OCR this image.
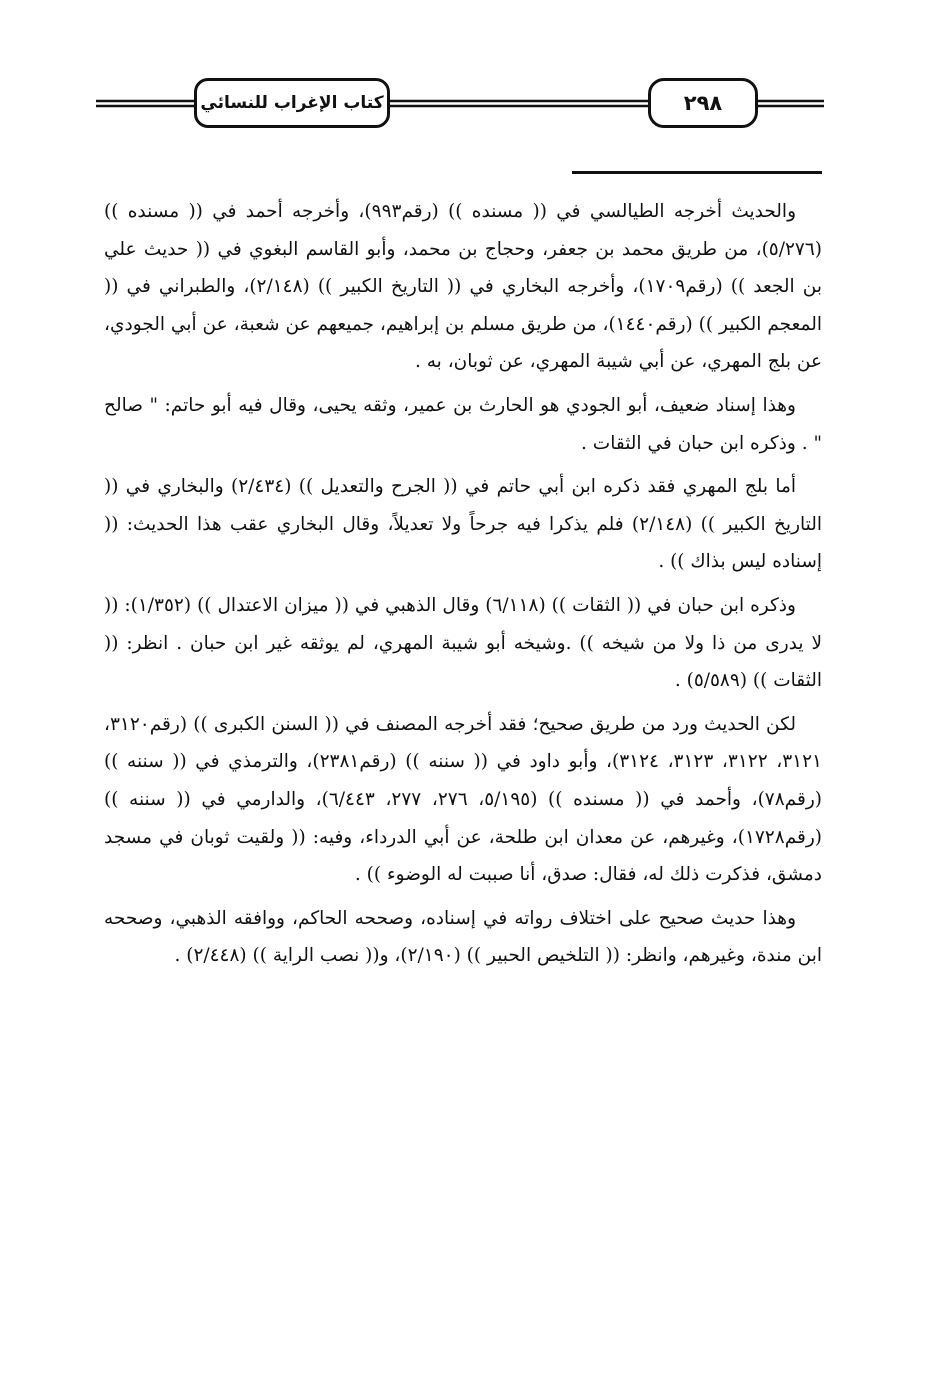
كتاب الإغراب للنسائي	٢٩٨

والحديث أخرجه الطيالسي في (( مسنده )) (رقم٩٩٣)، وأخرجه أحمد في (( مسنده )) (٥/٢٧٦)، من طريق محمد بن جعفر، وحجاج بن محمد، وأبو القاسم البغوي في (( حديث علي بن الجعد )) (رقم١٧٠٩)، وأخرجه البخاري في (( التاريخ الكبير )) (٢/١٤٨)، والطبراني في (( المعجم الكبير )) (رقم١٤٤٠)، من طريق مسلم بن إبراهيم، جميعهم عن شعبة، عن أبي الجودي، عن بلج المهري، عن أبي شيبة المهري، عن ثوبان، به .

وهذا إسناد ضعيف، أبو الجودي هو الحارث بن عمير، وثقه يحيى، وقال فيه أبو حاتم: " صالح " . وذكره ابن حبان في الثقات .

أما بلج المهري فقد ذكره ابن أبي حاتم في (( الجرح والتعديل )) (٢/٤٣٤) والبخاري في (( التاريخ الكبير )) (٢/١٤٨) فلم يذكرا فيه جرحاً ولا تعديلاً، وقال البخاري عقب هذا الحديث: (( إسناده ليس بذاك )) .

وذكره ابن حبان في (( الثقات )) (٦/١١٨) وقال الذهبي في (( ميزان الاعتدال )) (١/٣٥٢): (( لا يدرى من ذا ولا من شيخه )) .وشيخه أبو شيبة المهري، لم يوثقه غير ابن حبان . انظر: (( الثقات )) (٥/٥٨٩) .

لكن الحديث ورد من طريق صحيح؛ فقد أخرجه المصنف في (( السنن الكبرى )) (رقم٣١٢٠، ٣١٢١، ٣١٢٢، ٣١٢٣، ٣١٢٤)، وأبو داود في (( سننه )) (رقم٢٣٨١)، والترمذي في (( سننه )) (رقم٧٨)، وأحمد في (( مسنده )) (٥/١٩٥، ٢٧٦، ٢٧٧، ٦/٤٤٣)، والدارمي في (( سننه )) (رقم١٧٢٨)، وغيرهم، عن معدان ابن طلحة، عن أبي الدرداء، وفيه: (( ولقيت ثوبان في مسجد دمشق، فذكرت ذلك له، فقال: صدق، أنا صببت له الوضوء )) .

وهذا حديث صحيح على اختلاف رواته في إسناده، وصححه الحاكم، ووافقه الذهبي، وصححه ابن مندة، وغيرهم، وانظر: (( التلخيص الحبير )) (٢/١٩٠)، و(( نصب الراية )) (٢/٤٤٨) .
